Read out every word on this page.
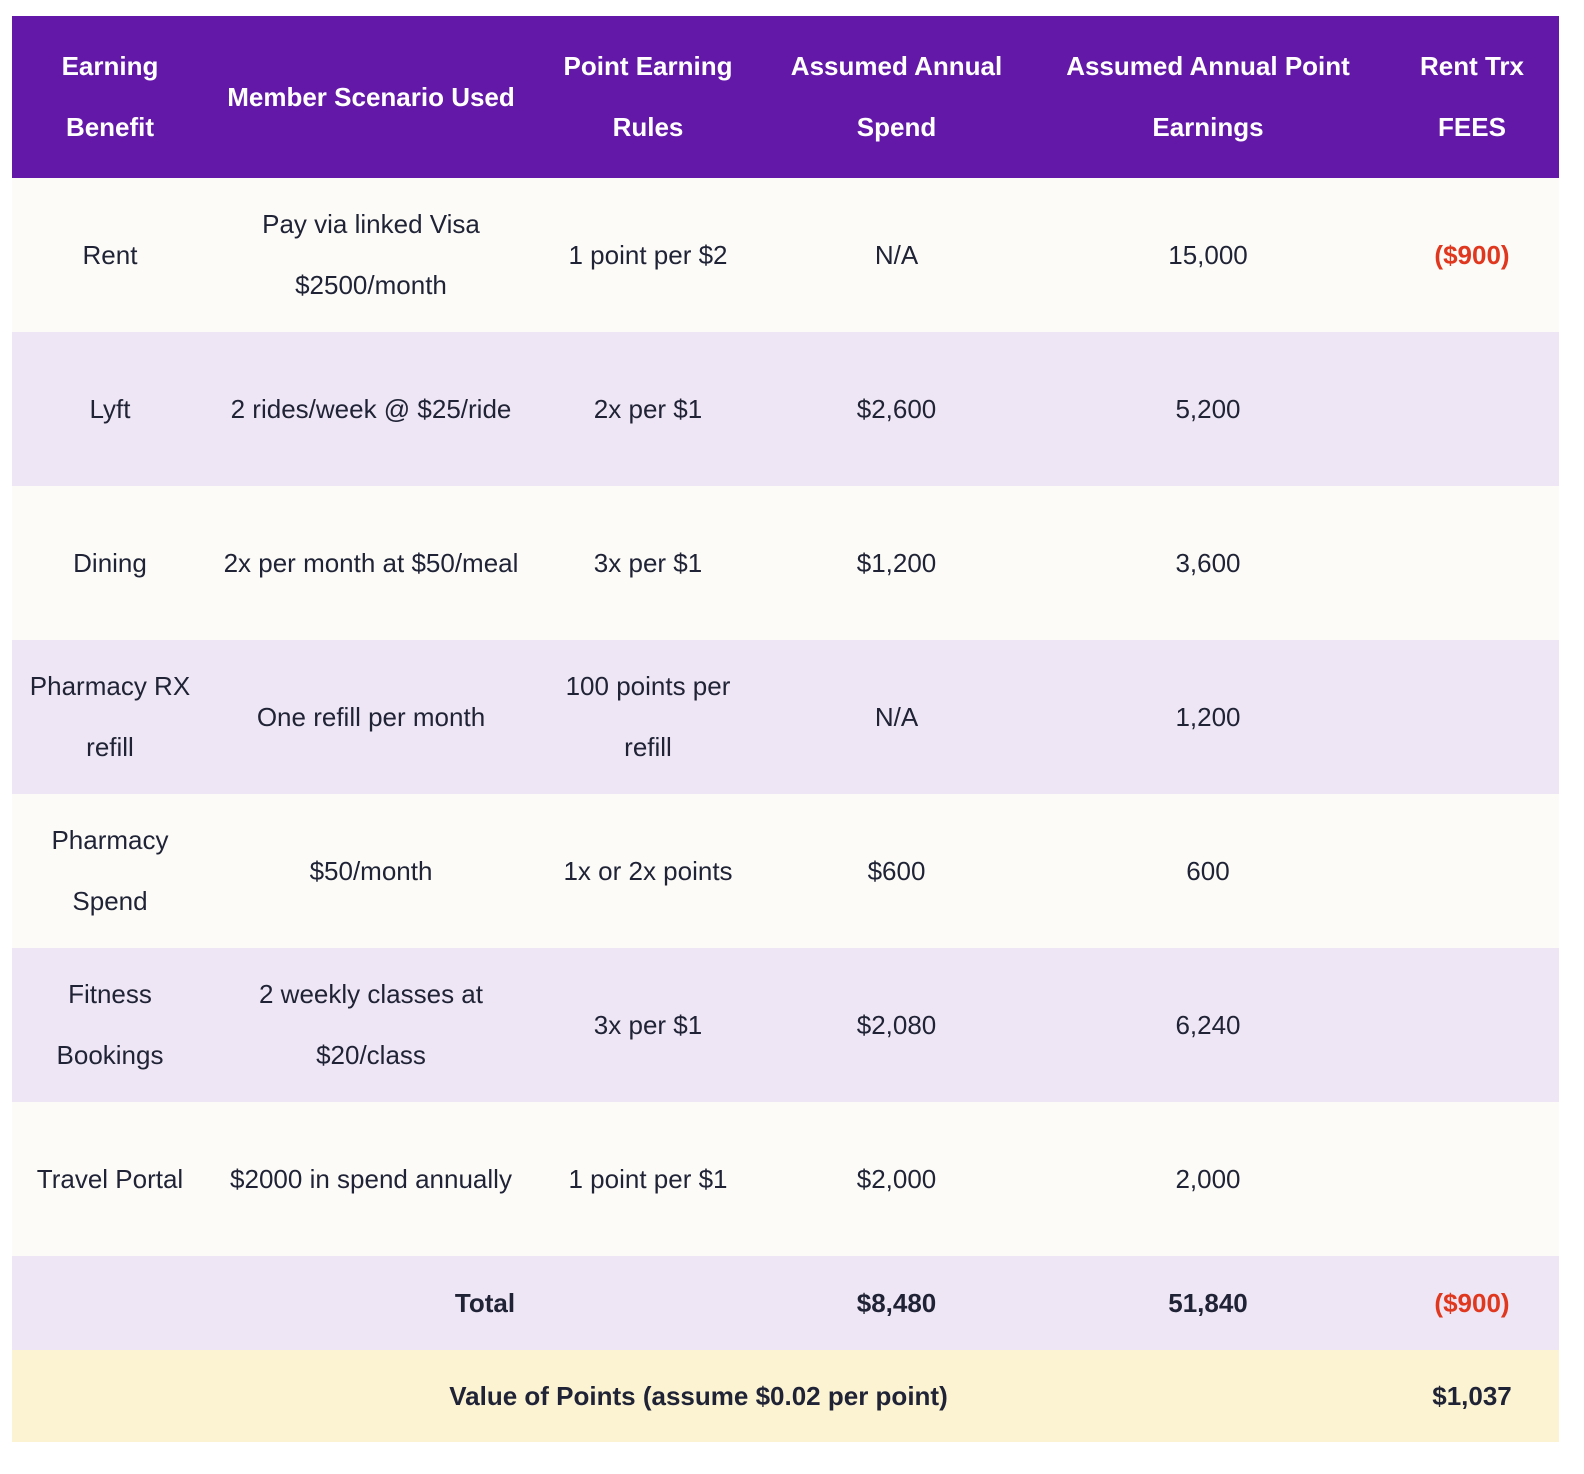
Earning Benefit	Member Scenario Used	Point Earning Rules	Assumed Annual Spend	Assumed Annual Point Earnings	Rent Trx FEES
Rent	Pay via linked Visa $2500/month	1 point per $2	N/A	15,000	($900)
Lyft	2 rides/week @ $25/ride	2x per $1	$2,600	5,200	
Dining	2x per month at $50/meal	3x per $1	$1,200	3,600	
Pharmacy RX refill	One refill per month	100 points per refill	N/A	1,200	
Pharmacy Spend	$50/month	1x or 2x points	$600	600	
Fitness Bookings	2 weekly classes at $20/class	3x per $1	$2,080	6,240	
Travel Portal	$2000 in spend annually	1 point per $1	$2,000	2,000	
	Total		$8,480	51,840	($900)
Value of Points (assume $0.02 per point)					$1,037
